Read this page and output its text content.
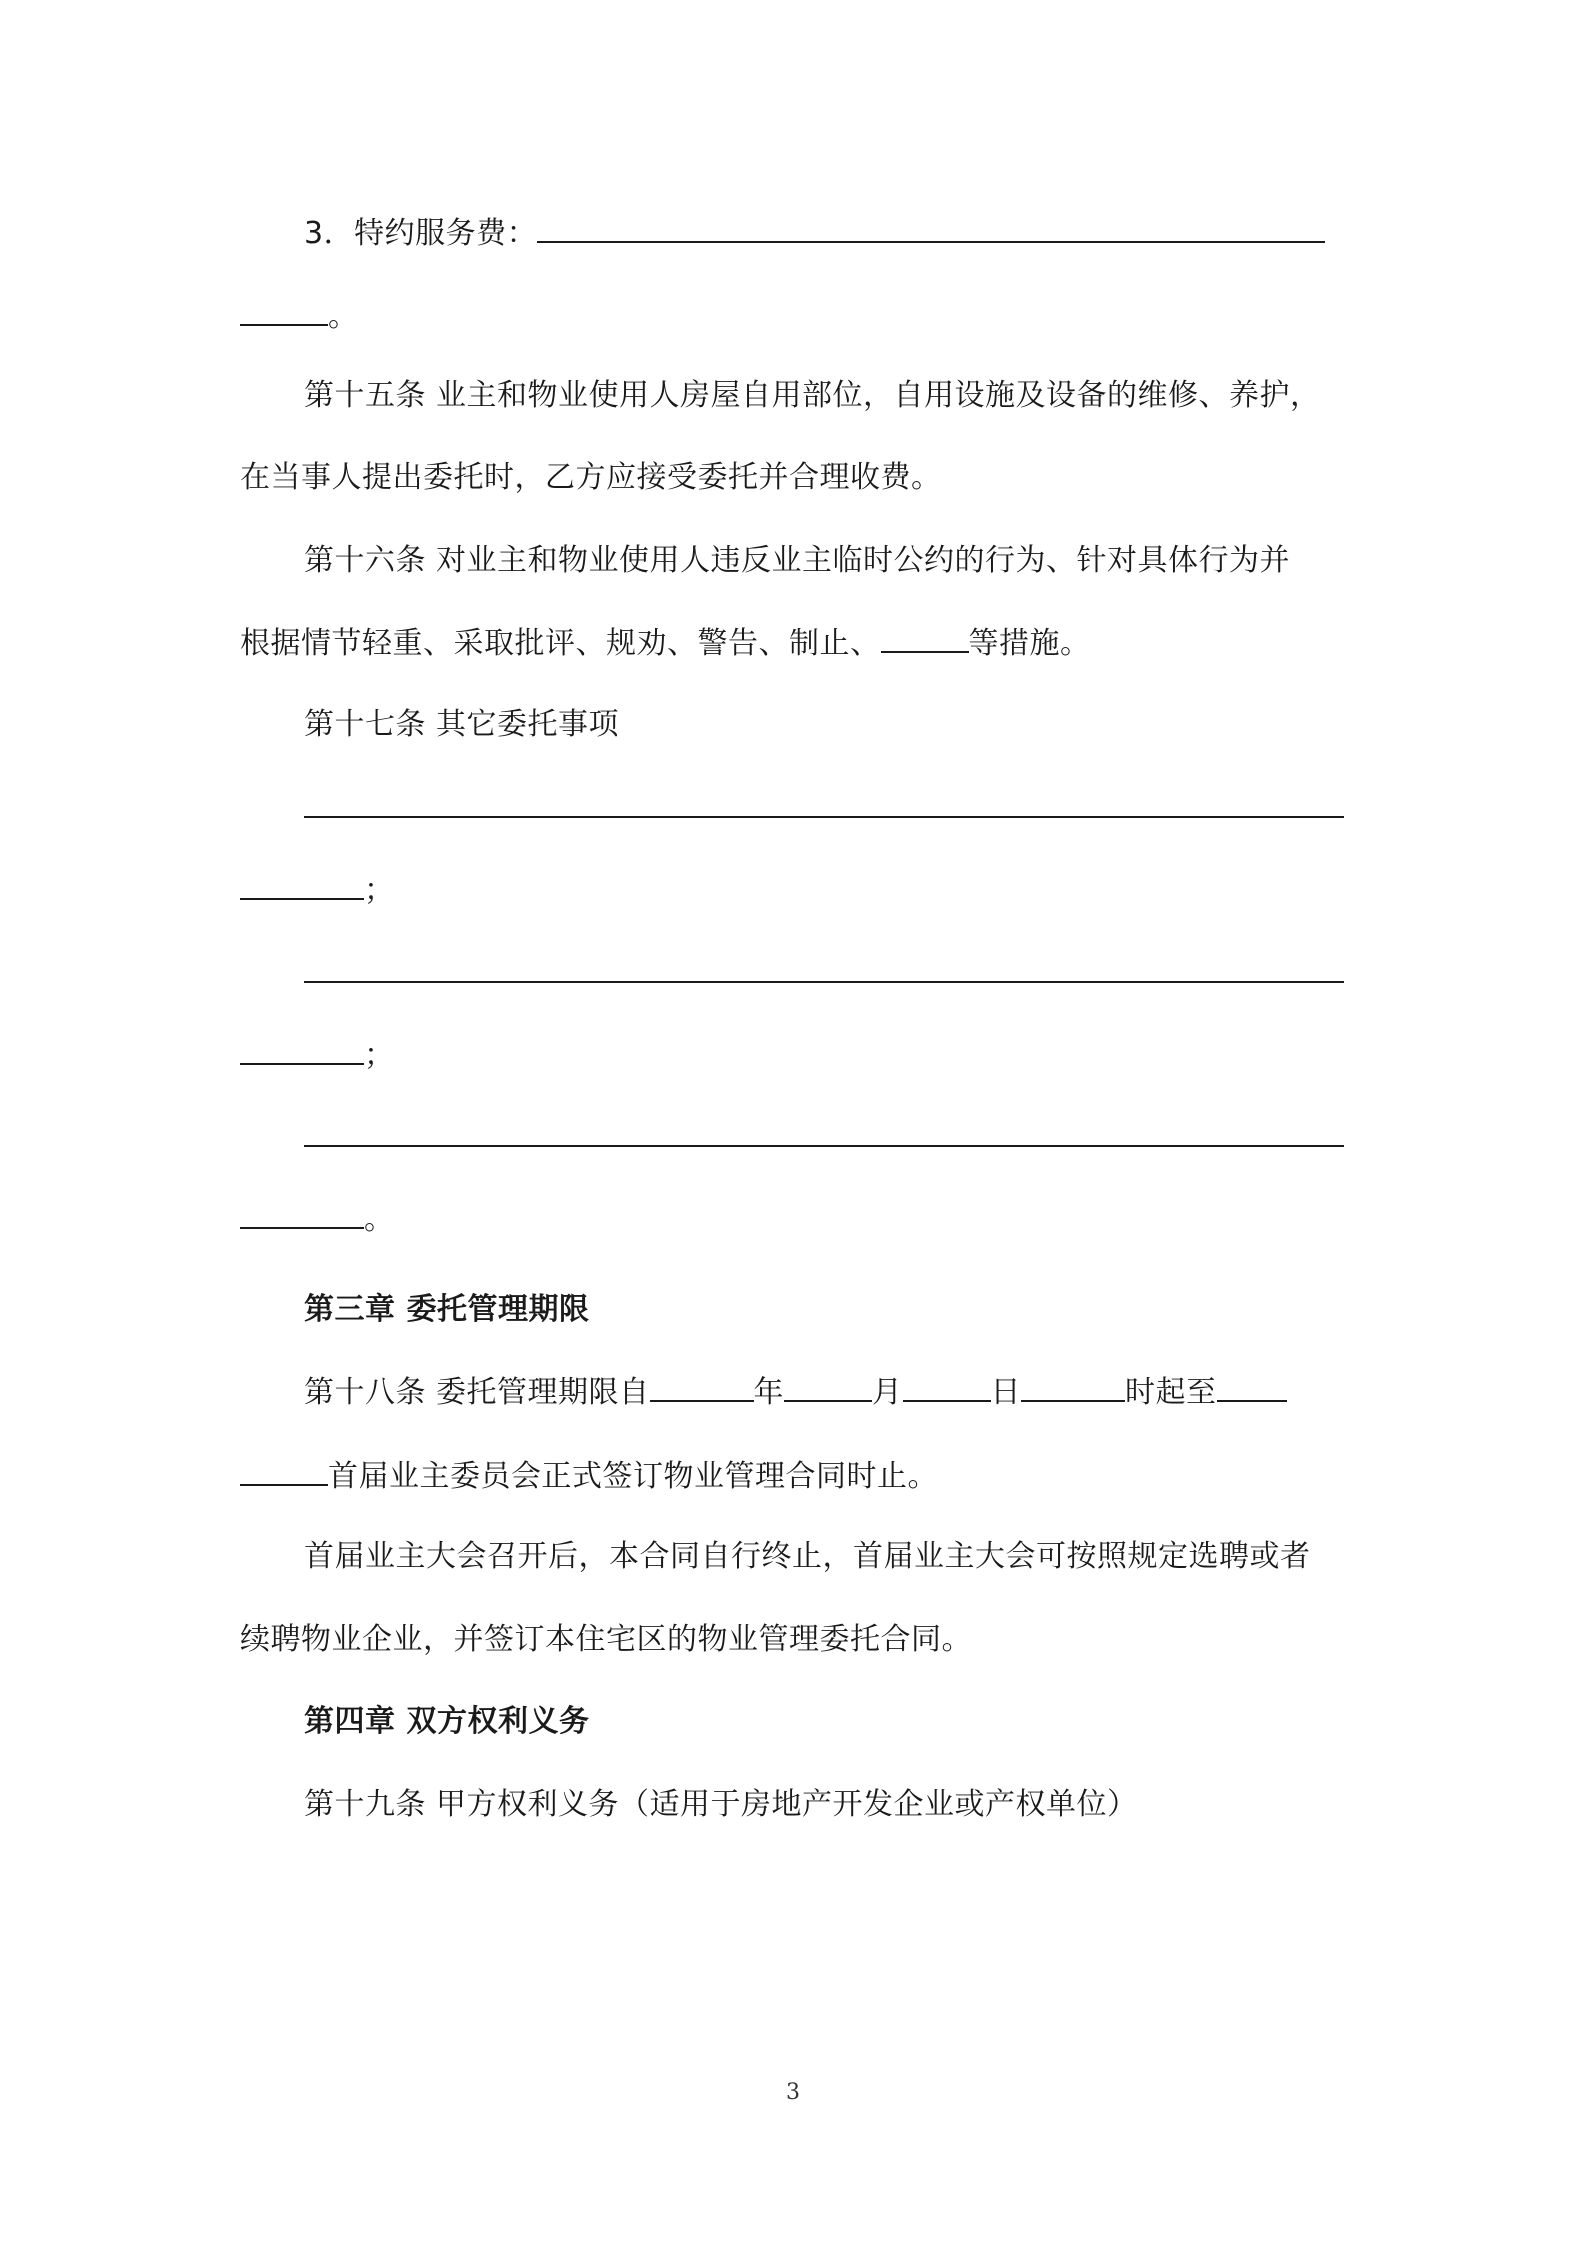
3．特约服务费：
。
第十五条 业主和物业使用人房屋自用部位，自用设施及设备的维修、养护，
在当事人提出委托时，乙方应接受委托并合理收费。
第十六条 对业主和物业使用人违反业主临时公约的行为、针对具体行为并
根据情节轻重、采取批评、规劝、警告、制止、	等措施。
第十七条 其它委托事项
；
；
。
第三章 委托管理期限
第十八条 委托管理期限自	年	月	日	时起至
首届业主委员会正式签订物业管理合同时止。
首届业主大会召开后，本合同自行终止，首届业主大会可按照规定选聘或者
续聘物业企业，并签订本住宅区的物业管理委托合同。
第四章 双方权利义务
第十九条 甲方权利义务（适用于房地产开发企业或产权单位）
3
